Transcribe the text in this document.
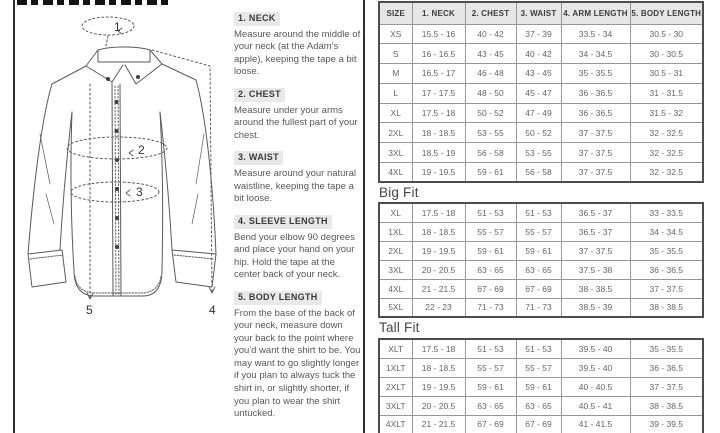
1
2
3
5	4
1. NECK
Measure around the middle of your neck (at the Adam's apple), keeping the tape a bit loose.
2. CHEST
Measure under your arms around the fullest part of your chest.
3. WAIST
Measure around your natural waistline, keeping the tape a bit loose.
4. SLEEVE LENGTH
Bend your elbow 90 degrees and place your hand on your hip. Hold the tape at the center back of your neck.
5. BODY LENGTH
From the base of the back of your neck, measure down your back to the point where you'd want the shirt to be. You may want to go slightly longer if you plan to always tuck the shirt in, or slightly shorter, if you plan to wear the shirt untucked.
SIZE	1. NECK	2. CHEST	3. WAIST	4. ARM LENGTH	5. BODY LENGTH
XS	15.5 - 16	40 - 42	37 - 39	33.5 - 34	30.5 - 30
S	16 - 16.5	43 - 45	40 - 42	34 - 34.5	30 - 30.5
M	16.5 - 17	46 - 48	43 - 45	35 - 35.5	30.5 - 31
L	17 - 17.5	48 - 50	45 - 47	36 - 36.5	31 - 31.5
XL	17.5 - 18	50 - 52	47 - 49	36 - 36.5	31.5 - 32
2XL	18 - 18.5	53 - 55	50 - 52	37 - 37.5	32 - 32.5
3XL	18.5 - 19	56 - 58	53 - 55	37 - 37.5	32 - 32.5
4XL	19 - 19.5	59 - 61	56 - 58	37 - 37.5	32 - 32.5
Big Fit
XL	17.5 - 18	51 - 53	51 - 53	36.5 - 37	33 - 33.5
1XL	18 - 18.5	55 - 57	55 - 57	36.5 - 37	34 - 34.5
2XL	19 - 19.5	59 - 61	59 - 61	37 - 37.5	35 - 35.5
3XL	20 - 20.5	63 - 65	63 - 65	37.5 - 38	36 - 36.5
4XL	21 - 21.5	67 - 69	67 - 69	38 - 38.5	37 - 37.5
5XL	22 - 23	71 - 73	71 - 73	38.5 - 39	38 - 38.5
Tall Fit
XLT	17.5 - 18	51 - 53	51 - 53	39.5 - 40	35 - 35.5
1XLT	18 - 18.5	55 - 57	55 - 57	39.5 - 40	36 - 36.5
2XLT	19 - 19.5	59 - 61	59 - 61	40 - 40.5	37 - 37.5
3XLT	20 - 20.5	63 - 65	63 - 65	40.5 - 41	38 - 38.5
4XLT	21 - 21.5	67 - 69	67 - 69	41 - 41.5	39 - 39.5
